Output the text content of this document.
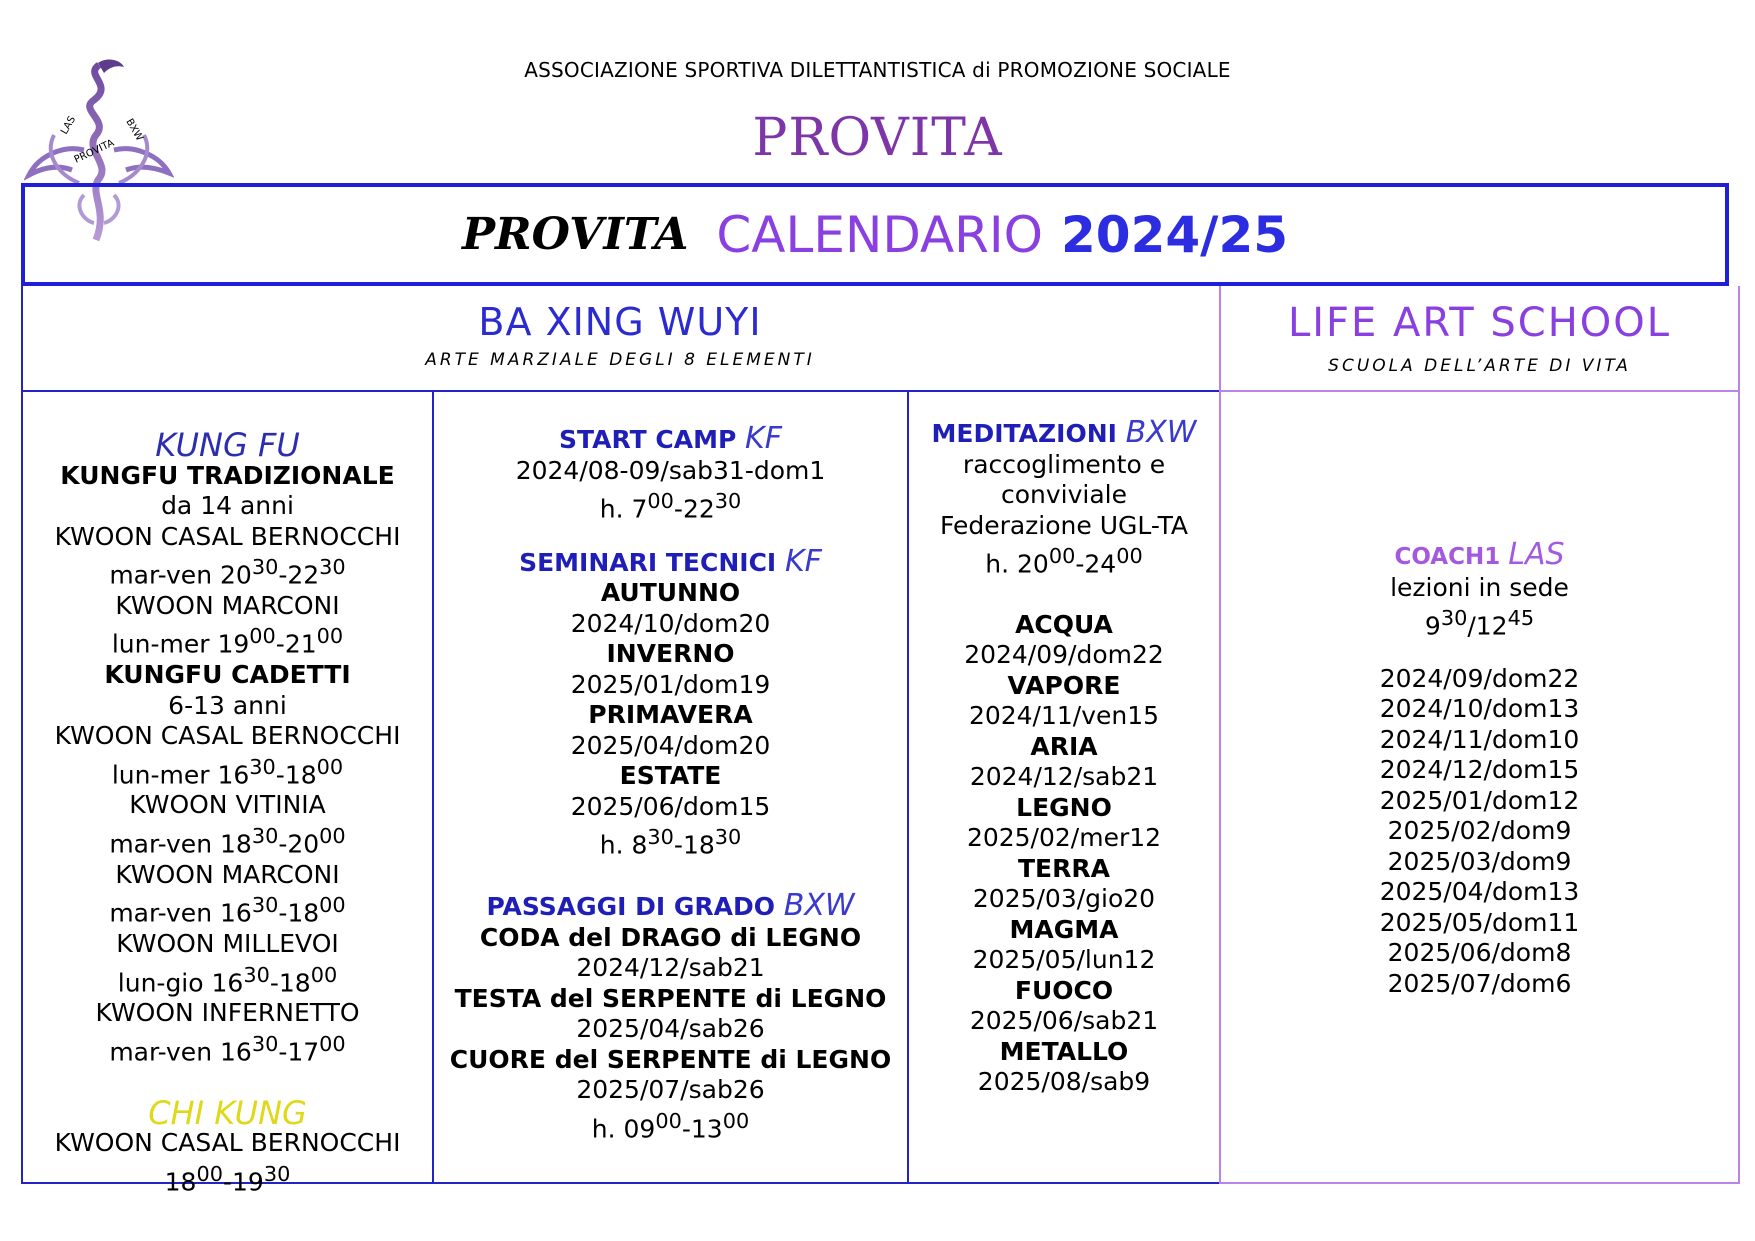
ASSOCIAZIONE SPORTIVA DILETTANTISTICA di PROMOZIONE SOCIALE
PROVITA
LAS	BXW
PROVITA
PROVITA CALENDARIO 2024/25
BA XING WUYI
ARTE MARZIALE DEGLI 8 ELEMENTI
LIFE ART SCHOOL
SCUOLA DELL’ARTE DI VITA
KUNG FU
KUNGFU TRADIZIONALE
da 14 anni
KWOON CASAL BERNOCCHI
mar-ven $20^{30}-22^{30}$
KWOON MARCONI
lun-mer $19^{00}-21^{00}$
KUNGFU CADETTI
6-13 anni
KWOON CASAL BERNOCCHI
lun-mer $16^{30}-18^{00}$
KWOON VITINIA
mar-ven $18^{30}-20^{00}$
KWOON MARCONI
mar-ven $16^{30}-18^{00}$
KWOON MILLEVOI
lun-gio $16^{30}-18^{00}$
KWOON INFERNETTO
mar-ven $16^{30}-17^{00}$
CHI KUNG
KWOON CASAL BERNOCCHI
$18^{00}-19^{30}$
START CAMP KF
2024/08-09/sab31-dom1
h. $7^{00}-22^{30}$
SEMINARI TECNICI KF
AUTUNNO
2024/10/dom20
INVERNO
2025/01/dom19
PRIMAVERA
2025/04/dom20
ESTATE
2025/06/dom15
h. $8^{30}-18^{30}$
PASSAGGI DI GRADO BXW
CODA del DRAGO di LEGNO
2024/12/sab21
TESTA del SERPENTE di LEGNO
2025/04/sab26
CUORE del SERPENTE di LEGNO
2025/07/sab26
h. $09^{00}-13^{00}$
MEDITAZIONI BXW
raccoglimento e
conviviale
Federazione UGL-TA
h. $20^{00}-24^{00}$
ACQUA
2024/09/dom22
VAPORE
2024/11/ven15
ARIA
2024/12/sab21
LEGNO
2025/02/mer12
TERRA
2025/03/gio20
MAGMA
2025/05/lun12
FUOCO
2025/06/sab21
METALLO
2025/08/sab9
COACH1 LAS
lezioni in sede
$9^{30}/12^{45}$
2024/09/dom22
2024/10/dom13
2024/11/dom10
2024/12/dom15
2025/01/dom12
2025/02/dom9
2025/03/dom9
2025/04/dom13
2025/05/dom11
2025/06/dom8
2025/07/dom6
